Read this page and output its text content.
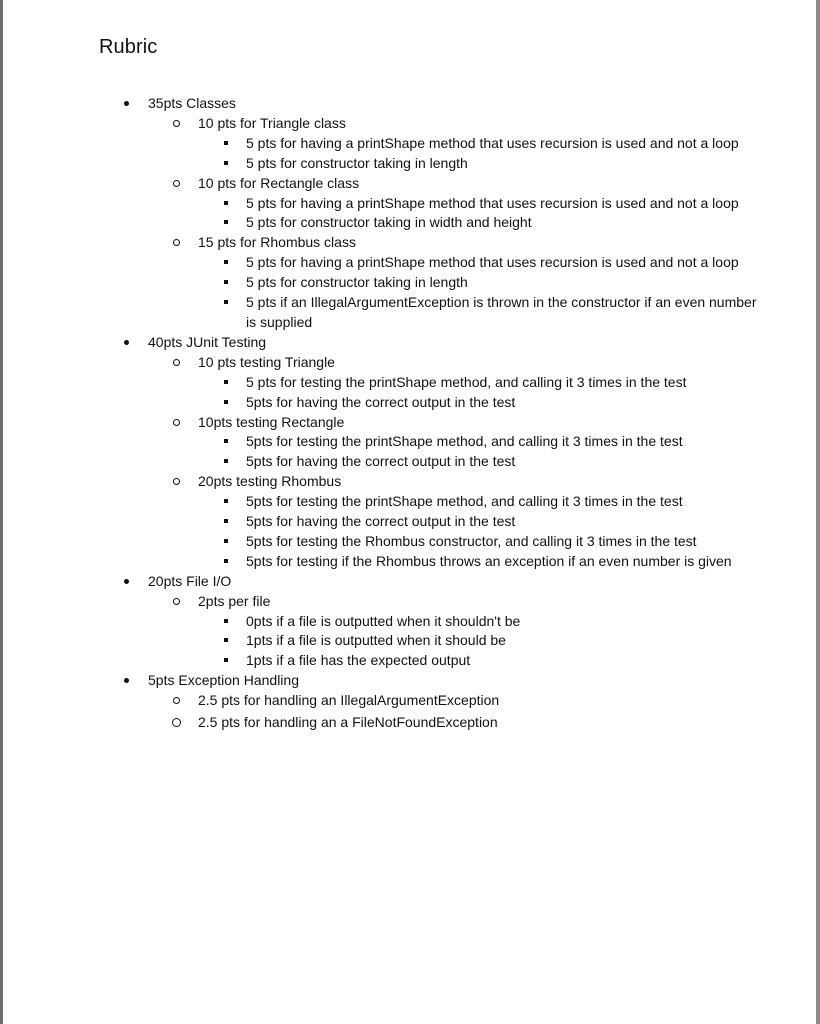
Rubric
35pts Classes
10 pts for Triangle class
5 pts for having a printShape method that uses recursion is used and not a loop
5 pts for constructor taking in length
10 pts for Rectangle class
5 pts for having a printShape method that uses recursion is used and not a loop
5 pts for constructor taking in width and height
15 pts for Rhombus class
5 pts for having a printShape method that uses recursion is used and not a loop
5 pts for constructor taking in length
5 pts if an IllegalArgumentException is thrown in the constructor if an even number is supplied
40pts JUnit Testing
10 pts testing Triangle
5 pts for testing the printShape method, and calling it 3 times in the test
5pts for having the correct output in the test
10pts testing Rectangle
5pts for testing the printShape method, and calling it 3 times in the test
5pts for having the correct output in the test
20pts testing Rhombus
5pts for testing the printShape method, and calling it 3 times in the test
5pts for having the correct output in the test
5pts for testing the Rhombus constructor, and calling it 3 times in the test
5pts for testing if the Rhombus throws an exception if an even number is given
20pts File I/O
2pts per file
0pts if a file is outputted when it shouldn't be
1pts if a file is outputted when it should be
1pts if a file has the expected output
5pts Exception Handling
2.5 pts for handling an IllegalArgumentException
2.5 pts for handling an a FileNotFoundException
